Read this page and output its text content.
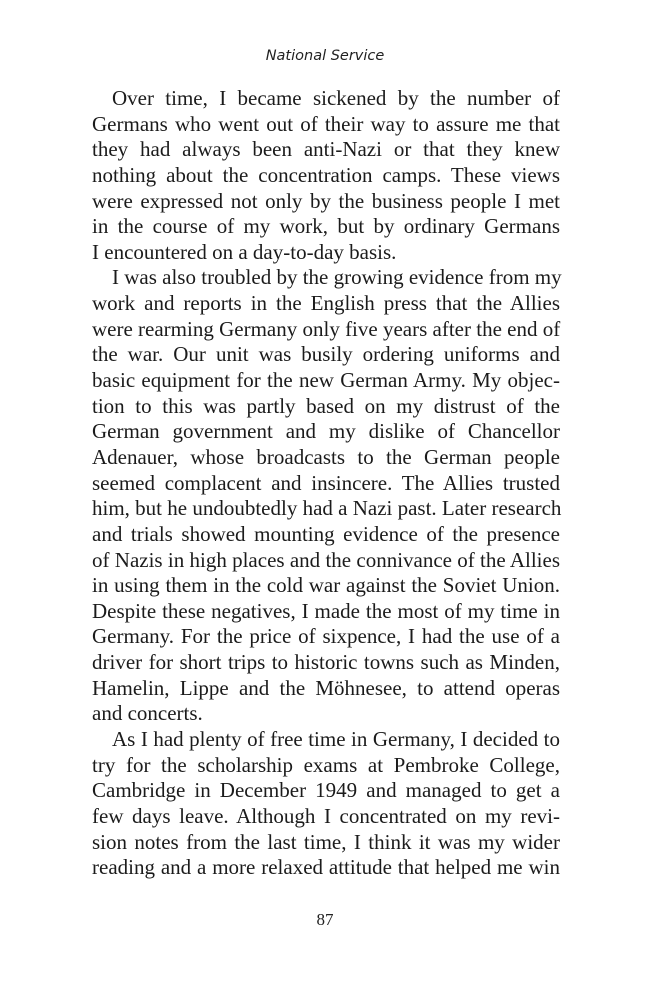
National Service
Over time, I became sickened by the number of
Germans who went out of their way to assure me that
they had always been anti-Nazi or that they knew
nothing about the concentration camps. These views
were expressed not only by the business people I met
in the course of my work, but by ordinary Germans
I encountered on a day-to-day basis.
I was also troubled by the growing evidence from my
work and reports in the English press that the Allies
were rearming Germany only five years after the end of
the war. Our unit was busily ordering uniforms and
basic equipment for the new German Army. My objec-
tion to this was partly based on my distrust of the
German government and my dislike of Chancellor
Adenauer, whose broadcasts to the German people
seemed complacent and insincere. The Allies trusted
him, but he undoubtedly had a Nazi past. Later research
and trials showed mounting evidence of the presence
of Nazis in high places and the connivance of the Allies
in using them in the cold war against the Soviet Union.
Despite these negatives, I made the most of my time in
Germany. For the price of sixpence, I had the use of a
driver for short trips to historic towns such as Minden,
Hamelin, Lippe and the Möhnesee, to attend operas
and concerts.
As I had plenty of free time in Germany, I decided to
try for the scholarship exams at Pembroke College,
Cambridge in December 1949 and managed to get a
few days leave. Although I concentrated on my revi-
sion notes from the last time, I think it was my wider
reading and a more relaxed attitude that helped me win
87
